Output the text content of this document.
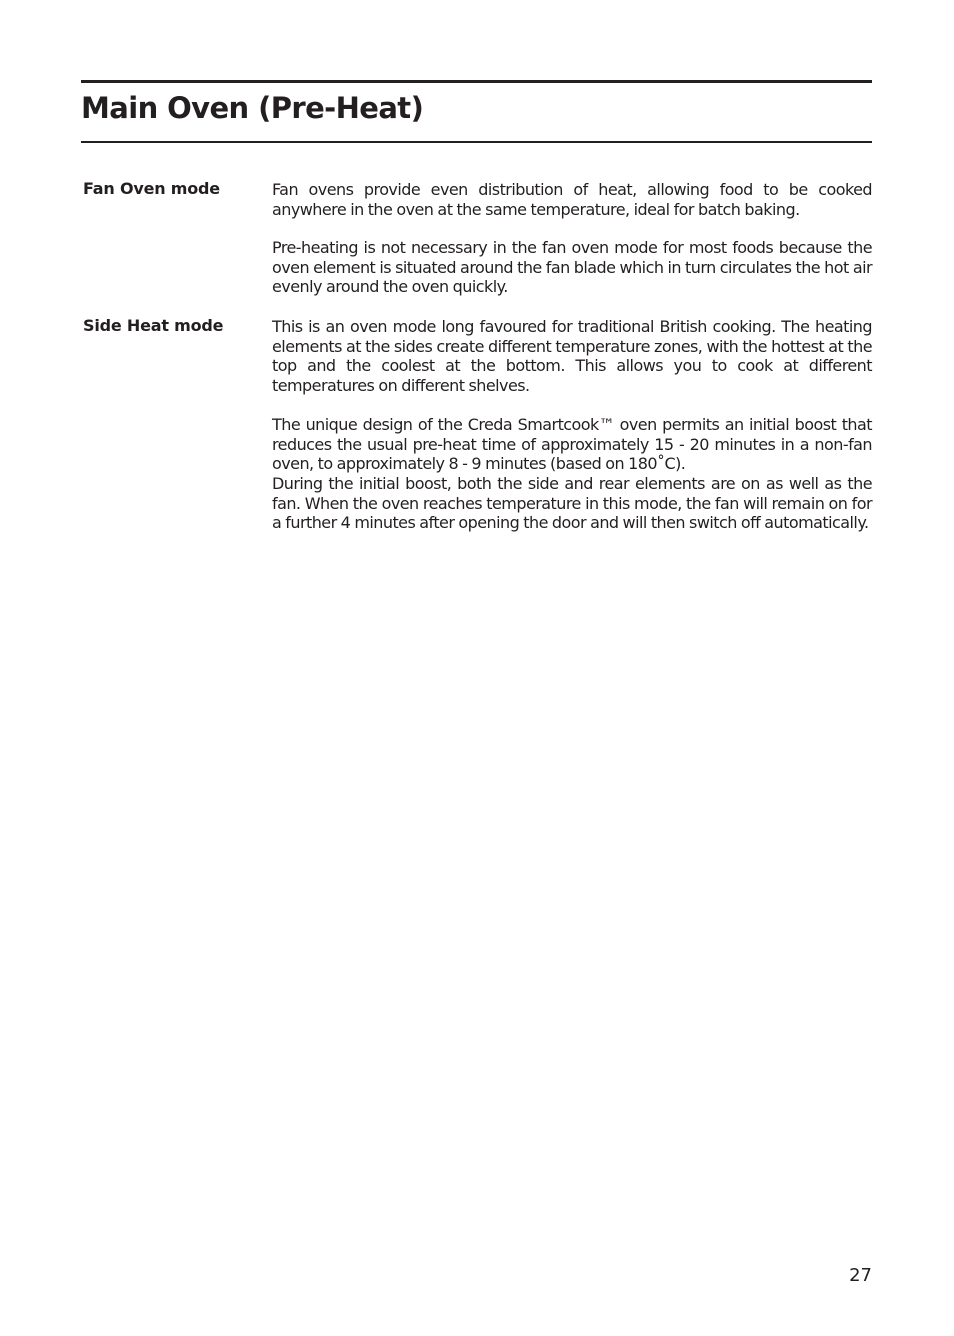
Main Oven (Pre-Heat)

Fan Oven mode	Fan ovens provide even distribution of heat, allowing food to be cooked anywhere in the oven at the same temperature, ideal for batch baking.

Pre-heating is not necessary in the fan oven mode for most foods because the oven element is situated around the fan blade which in turn circulates the hot air evenly around the oven quickly.

Side Heat mode	This is an oven mode long favoured for traditional British cooking. The heating elements at the sides create different temperature zones, with the hottest at the top and the coolest at the bottom. This allows you to cook at different temperatures on different shelves.

The unique design of the Creda Smartcook™ oven permits an initial boost that reduces the usual pre-heat time of approximately 15 - 20 minutes in a non-fan oven, to approximately 8 - 9 minutes (based on 180˚C).

During the initial boost, both the side and rear elements are on as well as the fan. When the oven reaches temperature in this mode, the fan will remain on for a further 4 minutes after opening the door and will then switch off automatically.

27
